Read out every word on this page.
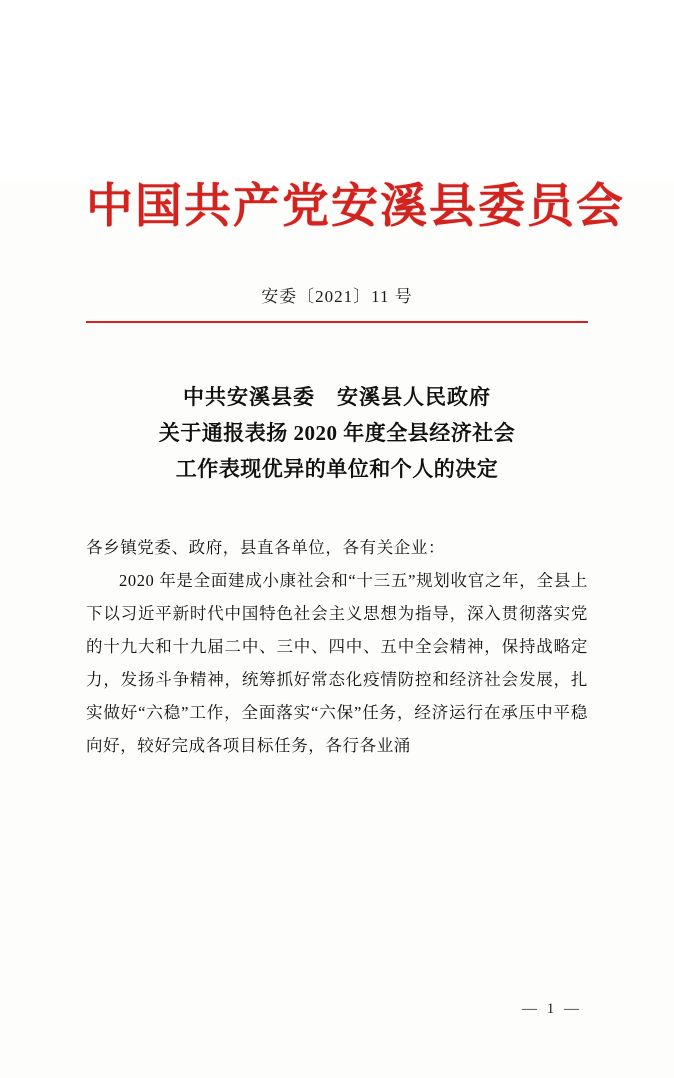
中国共产党安溪县委员会
安委〔2021〕11 号
中共安溪县委　安溪县人民政府
关于通报表扬 2020 年度全县经济社会
工作表现优异的单位和个人的决定

各乡镇党委、政府，县直各单位，各有关企业：

2020 年是全面建成小康社会和“十三五”规划收官之年，全县上下以习近平新时代中国特色社会主义思想为指导，深入贯彻落实党的十九大和十九届二中、三中、四中、五中全会精神，保持战略定力，发扬斗争精神，统筹抓好常态化疫情防控和经济社会发展，扎实做好“六稳”工作，全面落实“六保”任务，经济运行在承压中平稳向好，较好完成各项目标任务，各行各业涌

— 1 —
